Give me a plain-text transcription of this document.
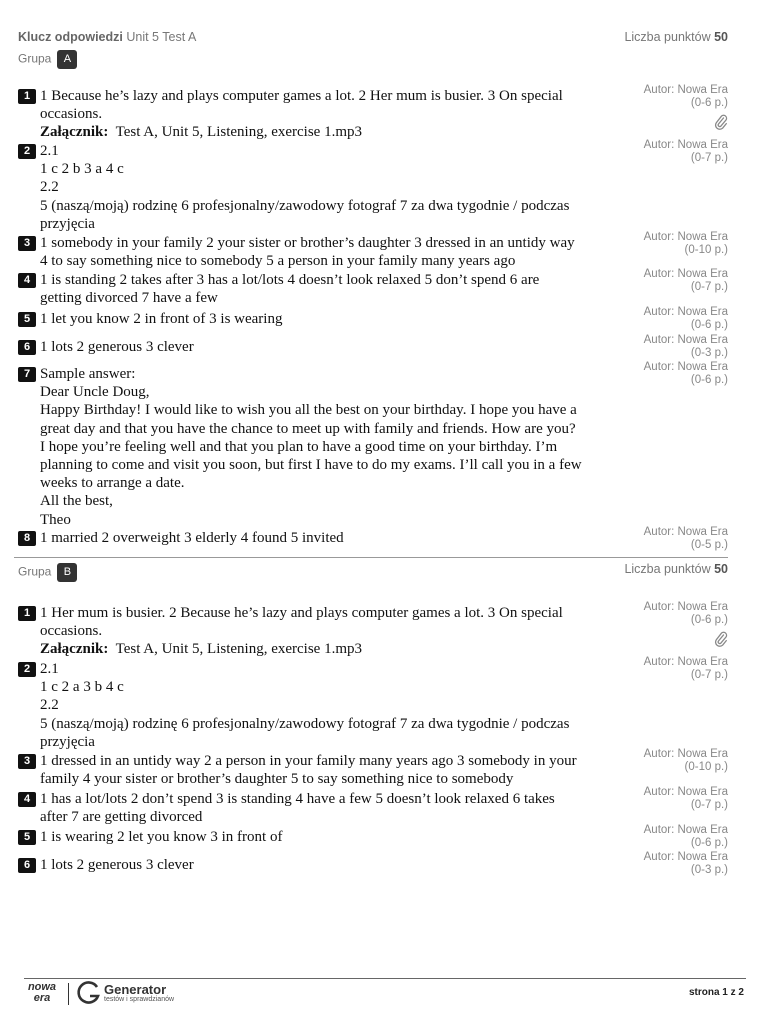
Klucz odpowiedzi Unit 5 Test A	Liczba punktów 50
Grupa A
1 1 Because he’s lazy and plays computer games a lot. 2 Her mum is busier. 3 On special
occasions.
Załącznik: Test A, Unit 5, Listening, exercise 1.mp3
Autor: Nowa Era
(0-6 p.)
2 2.1
1 c 2 b 3 a 4 c
2.2
5 (naszą/moją) rodzinę 6 profesjonalny/zawodowy fotograf 7 za dwa tygodnie / podczas
przyjęcia
Autor: Nowa Era
(0-7 p.)
3 1 somebody in your family 2 your sister or brother’s daughter 3 dressed in an untidy way
4 to say something nice to somebody 5 a person in your family many years ago
Autor: Nowa Era
(0-10 p.)
4 1 is standing 2 takes after 3 has a lot/lots 4 doesn’t look relaxed 5 don’t spend 6 are
getting divorced 7 have a few
Autor: Nowa Era
(0-7 p.)
5 1 let you know 2 in front of 3 is wearing	Autor: Nowa Era
(0-6 p.)
6 1 lots 2 generous 3 clever	Autor: Nowa Era
(0-3 p.)
7 Sample answer:
Dear Uncle Doug,
Happy Birthday! I would like to wish you all the best on your birthday. I hope you have a
great day and that you have the chance to meet up with family and friends. How are you?
I hope you’re feeling well and that you plan to have a good time on your birthday. I’m
planning to come and visit you soon, but first I have to do my exams. I’ll call you in a few
weeks to arrange a date.
All the best,
Theo
Autor: Nowa Era
(0-6 p.)
8 1 married 2 overweight 3 elderly 4 found 5 invited	Autor: Nowa Era
(0-5 p.)
Grupa B	Liczba punktów 50
1 1 Her mum is busier. 2 Because he’s lazy and plays computer games a lot. 3 On special
occasions.
Załącznik: Test A, Unit 5, Listening, exercise 1.mp3
Autor: Nowa Era
(0-6 p.)
2 2.1
1 c 2 a 3 b 4 c
2.2
5 (naszą/moją) rodzinę 6 profesjonalny/zawodowy fotograf 7 za dwa tygodnie / podczas
przyjęcia
Autor: Nowa Era
(0-7 p.)
3 1 dressed in an untidy way 2 a person in your family many years ago 3 somebody in your
family 4 your sister or brother’s daughter 5 to say something nice to somebody
Autor: Nowa Era
(0-10 p.)
4 1 has a lot/lots 2 don’t spend 3 is standing 4 have a few 5 doesn’t look relaxed 6 takes
after 7 are getting divorced
Autor: Nowa Era
(0-7 p.)
5 1 is wearing 2 let you know 3 in front of	Autor: Nowa Era
(0-6 p.)
6 1 lots 2 generous 3 clever	Autor: Nowa Era
(0-3 p.)
nowa
era
Generator
testów i sprawdzianów
strona 1 z 2
